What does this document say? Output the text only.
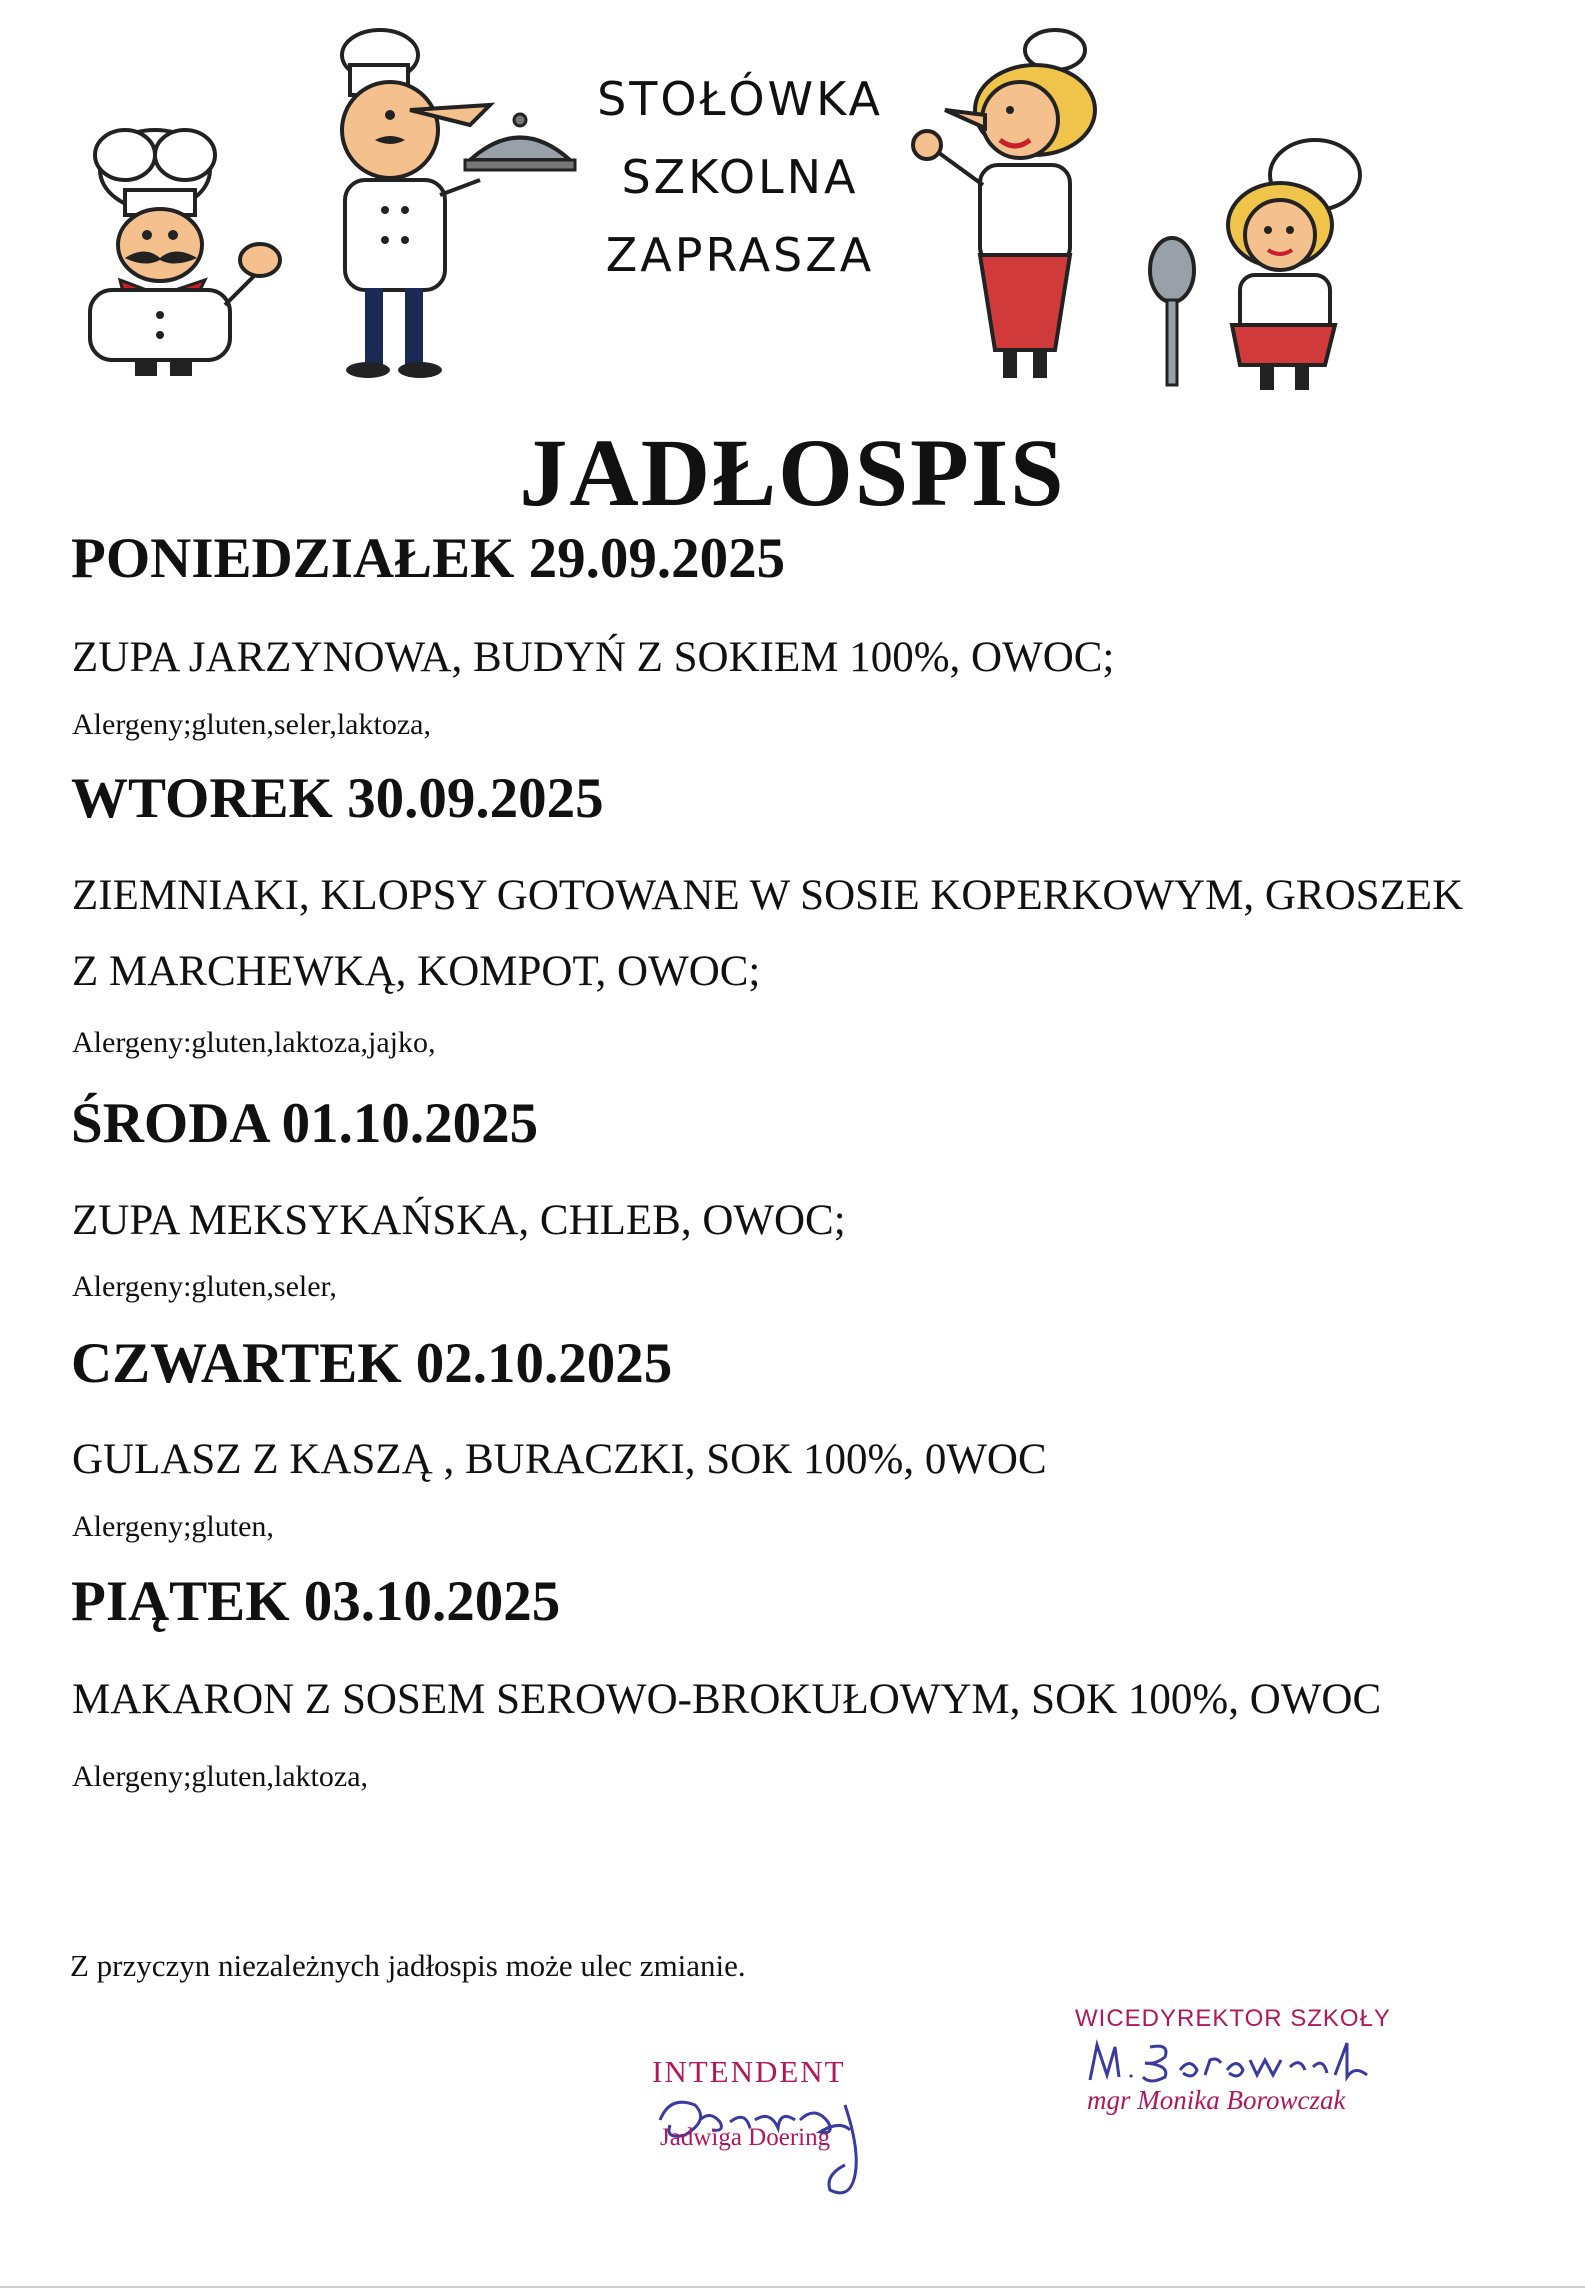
STOŁÓWKA
SZKOLNA
ZAPRASZA
JADŁOSPIS
PONIEDZIAŁEK 29.09.2025
ZUPA JARZYNOWA, BUDYŃ Z SOKIEM 100%, OWOC;
Alergeny;gluten,seler,laktoza,
WTOREK 30.09.2025
ZIEMNIAKI, KLOPSY GOTOWANE W SOSIE KOPERKOWYM, GROSZEK
Z MARCHEWKĄ, KOMPOT, OWOC;
Alergeny:gluten,laktoza,jajko,
ŚRODA 01.10.2025
ZUPA MEKSYKAŃSKA, CHLEB, OWOC;
Alergeny:gluten,seler,
CZWARTEK 02.10.2025
GULASZ Z KASZĄ , BURACZKI, SOK 100%, 0WOC
Alergeny;gluten,
PIĄTEK 03.10.2025
MAKARON Z SOSEM SEROWO-BROKUŁOWYM, SOK 100%, OWOC
Alergeny;gluten,laktoza,
Z przyczyn niezależnych jadłospis może ulec zmianie.
INTENDENT
Jadwiga Doering
WICEDYREKTOR SZKOŁY
mgr Monika Borowczak
